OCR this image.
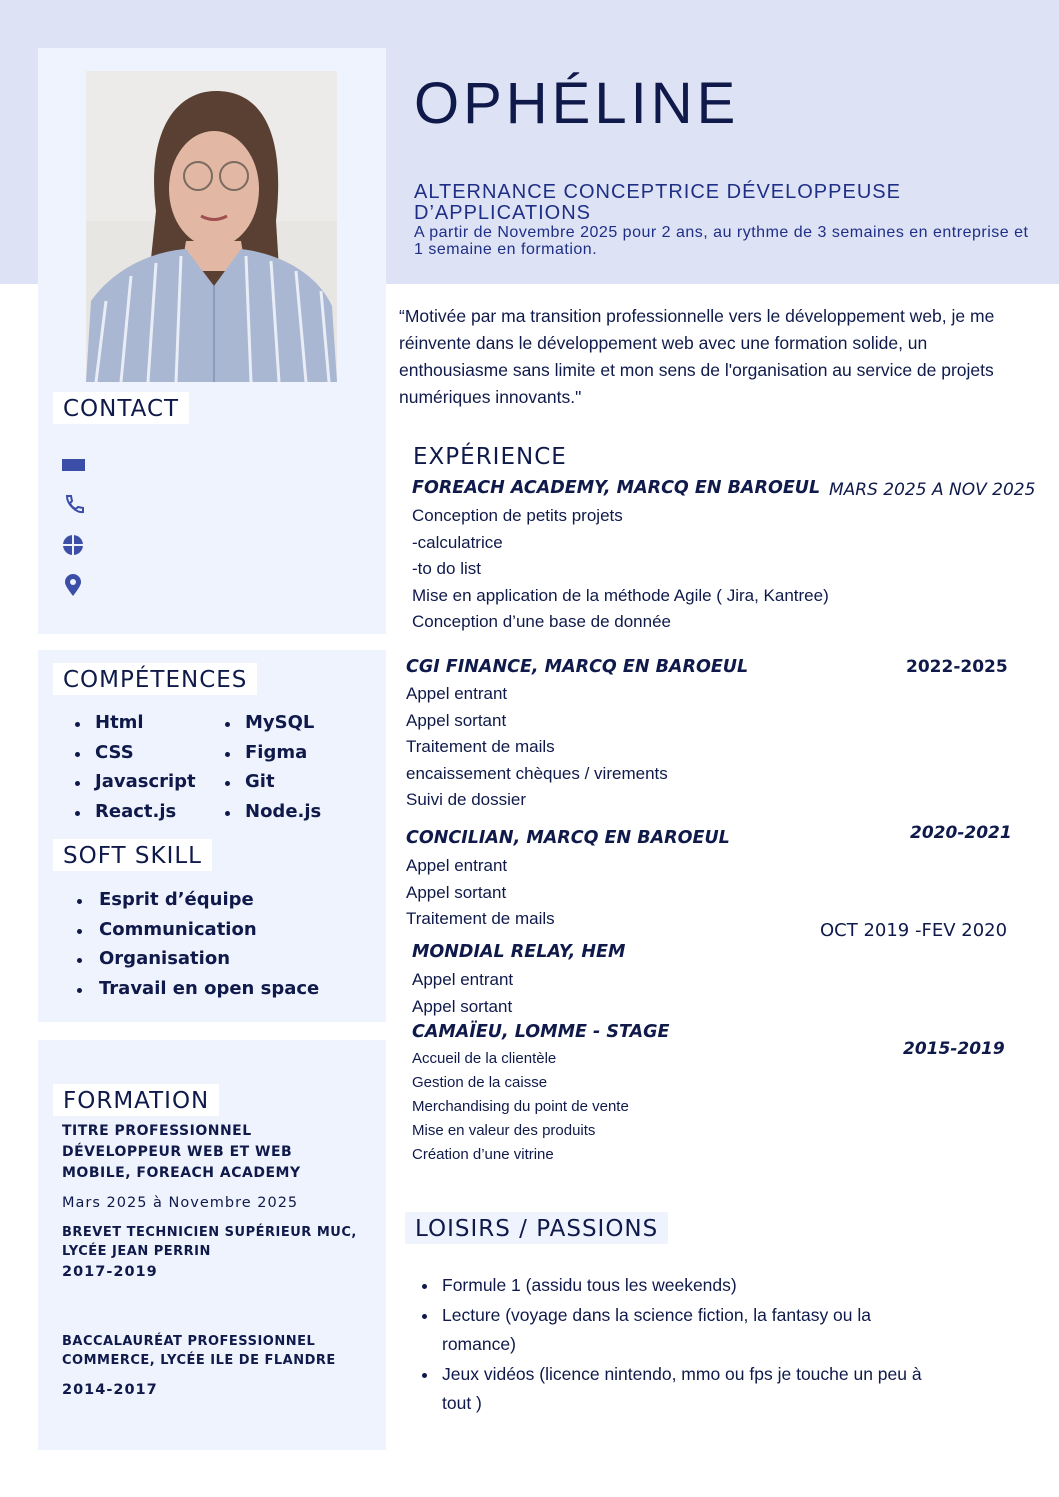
OPHÉLINE
ALTERNANCE CONCEPTRICE DÉVELOPPEUSE D’APPLICATIONS
A partir de Novembre 2025 pour 2 ans, au rythme de 3 semaines en entreprise et 1 semaine en formation.
“Motivée par ma transition professionnelle vers le développement web, je me réinvente dans le développement web avec une formation solide, un enthousiasme sans limite et mon sens de l'organisation au service de projets numériques innovants."
CONTACT
COMPÉTENCES
Html
CSS
Javascript
React.js
MySQL
Figma
Git
Node.js
SOFT SKILL
Esprit d’équipe
Communication
Organisation
Travail en open space
FORMATION
TITRE PROFESSIONNEL DÉVELOPPEUR WEB ET WEB MOBILE, FOREACH ACADEMY
Mars 2025 à Novembre 2025
BREVET TECHNICIEN SUPÉRIEUR MUC, LYCÉE JEAN PERRIN
2017-2019
BACCALAURÉAT PROFESSIONNEL COMMERCE, LYCÉE ILE DE FLANDRE
2014-2017
EXPÉRIENCE
FOREACH ACADEMY, MARCQ EN BAROEUL MARS 2025 A NOV 2025
Conception de petits projets
-calculatrice
-to do list
Mise en application de la méthode Agile ( Jira, Kantree)
Conception d’une base de donnée
CGI FINANCE, MARCQ EN BAROEUL	2022-2025
Appel entrant
Appel sortant
Traitement de mails
encaissement chèques / virements
Suivi de dossier
CONCILIAN, MARCQ EN BAROEUL	2020-2021
Appel entrant
Appel sortant
Traitement de mails
MONDIAL RELAY, HEM
OCT 2019 -FEV 2020
Appel entrant
Appel sortant
CAMAÏEU, LOMME - STAGE
2015-2019
Accueil de la clientèle
Gestion de la caisse
Merchandising du point de vente
Mise en valeur des produits
Création d’une vitrine
LOISIRS / PASSIONS
Formule 1 (assidu tous les weekends)
Lecture (voyage dans la science fiction, la fantasy ou la romance)
Jeux vidéos (licence nintendo, mmo ou fps je touche un peu à tout )
